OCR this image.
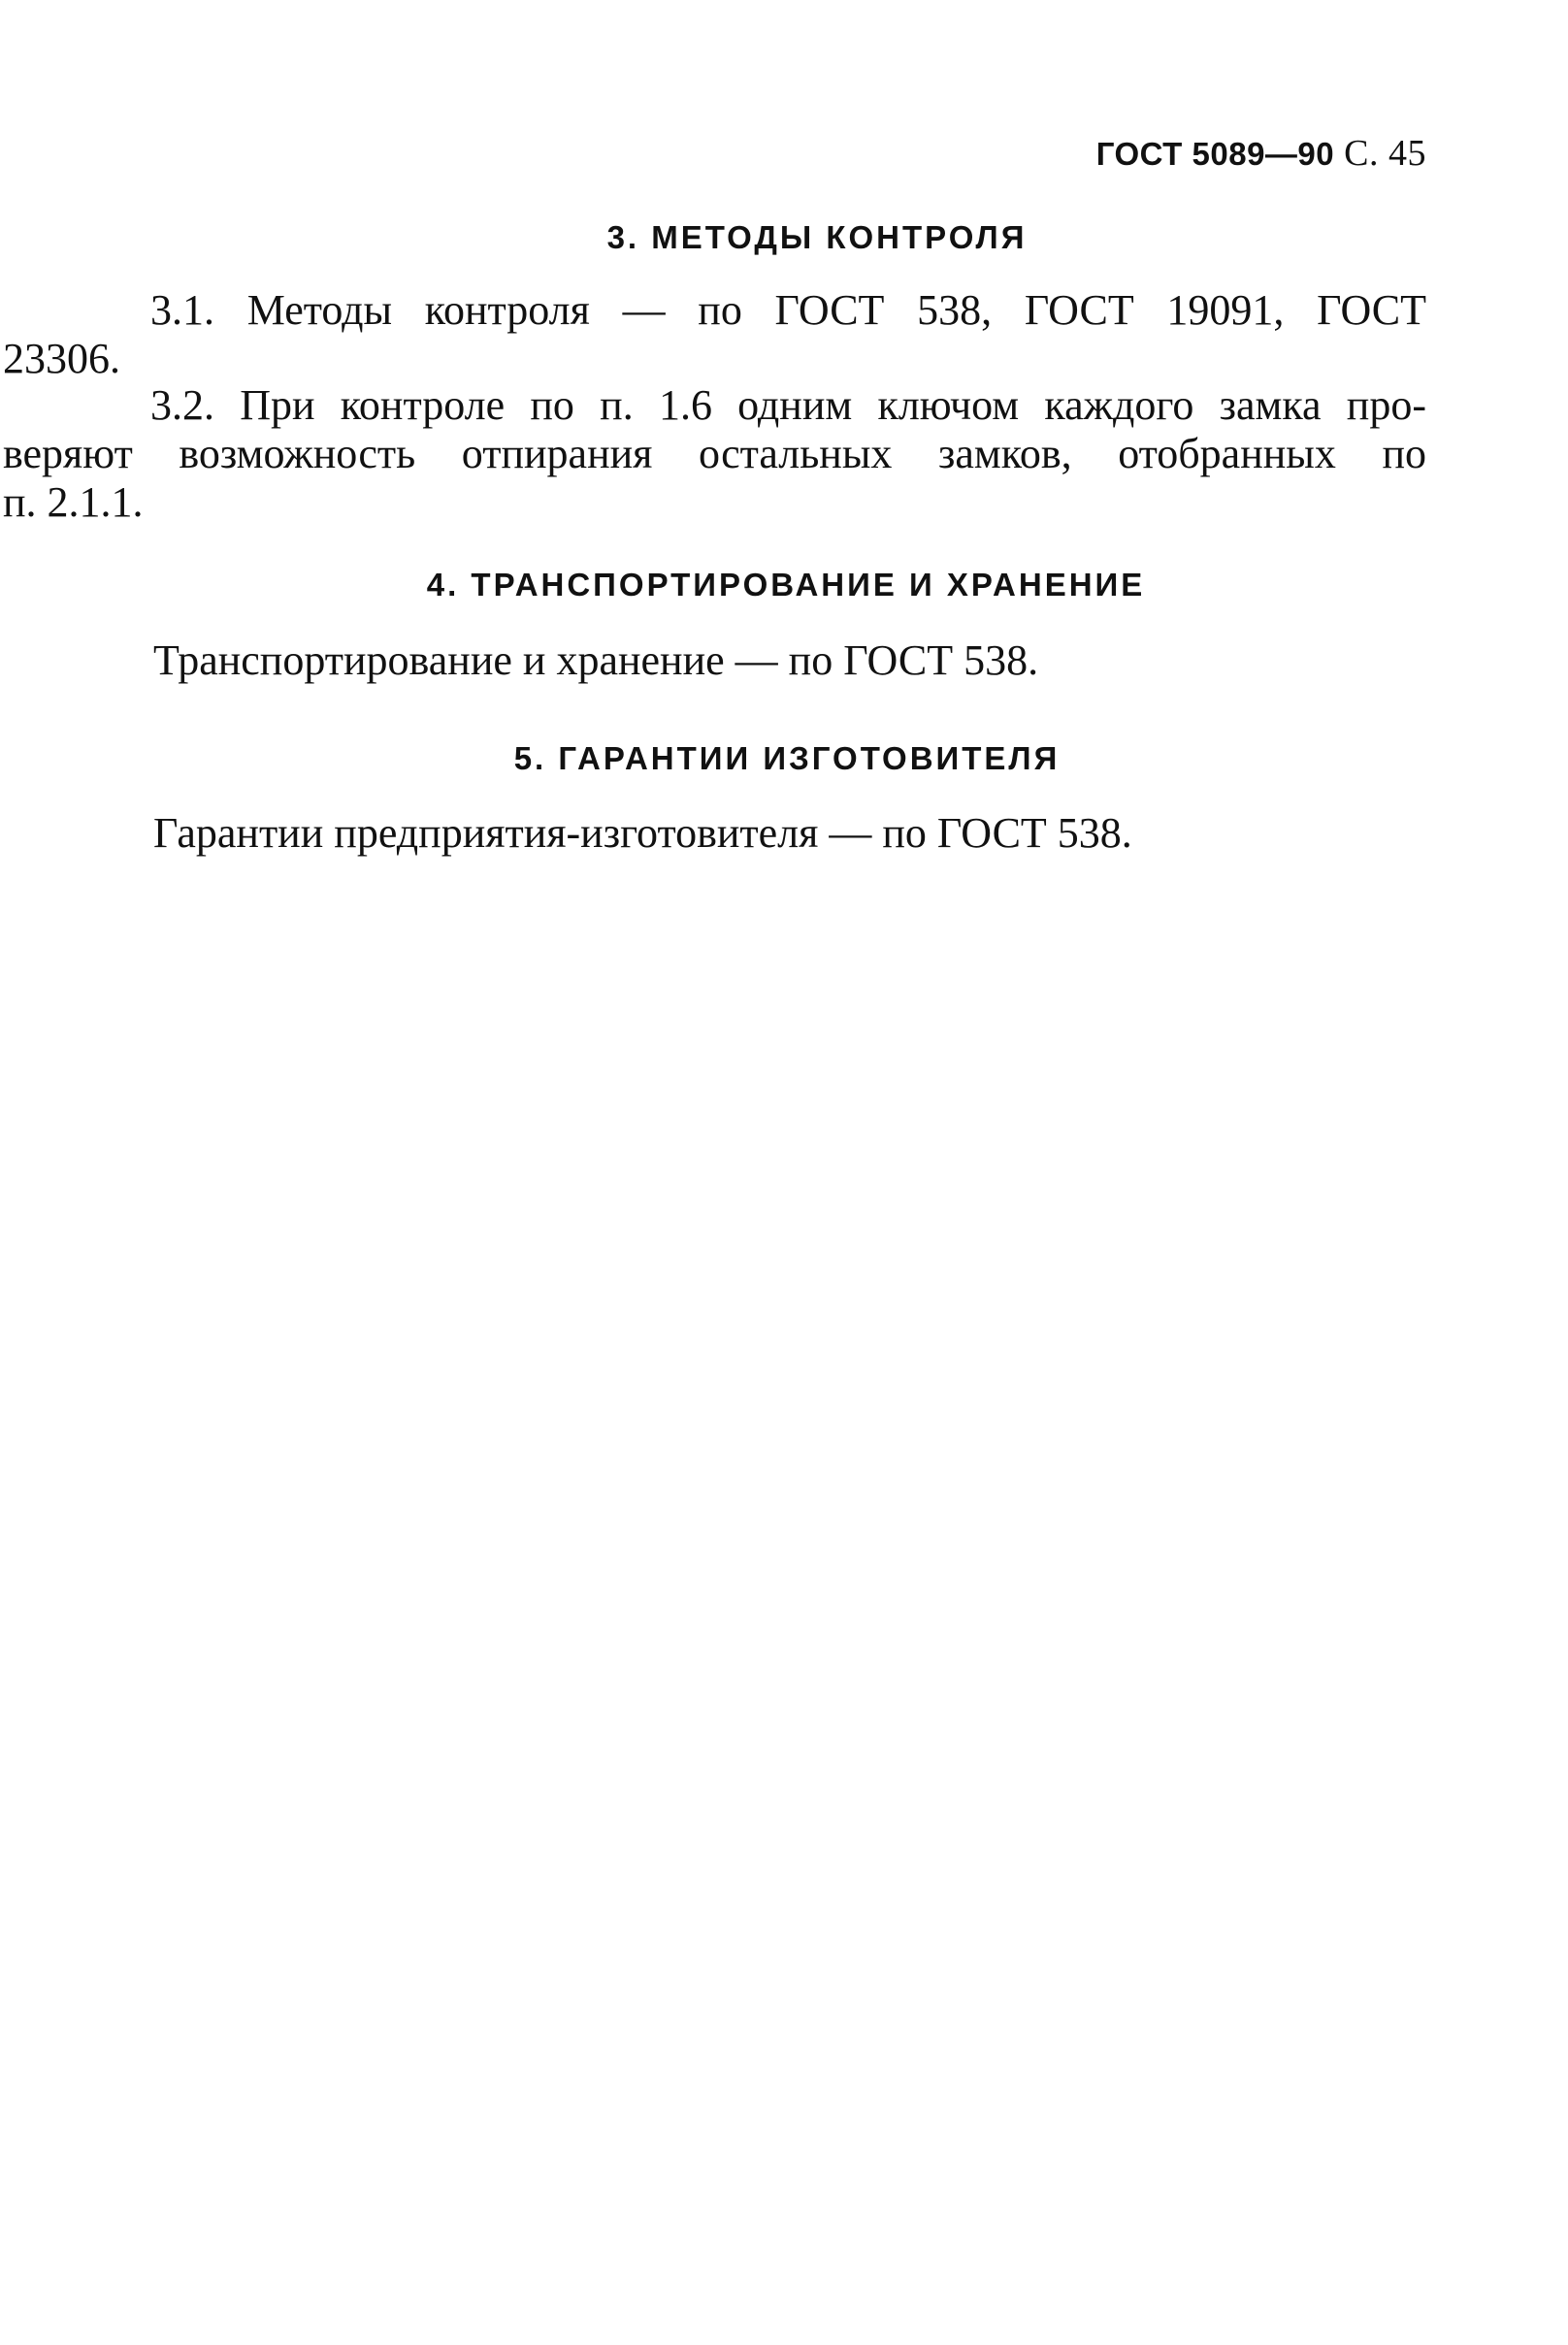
ГОСТ 5089—90 С. 45
3. МЕТОДЫ КОНТРОЛЯ
3.1. Методы контроля — по ГОСТ 538, ГОСТ 19091, ГОСТ
23306.
3.2. При контроле по п. 1.6 одним ключом каждого замка про-
веряют возможность отпирания остальных замков, отобранных по
п. 2.1.1.
4. ТРАНСПОРТИРОВАНИЕ И ХРАНЕНИЕ
Транспортирование и хранение — по ГОСТ 538.
5. ГАРАНТИИ ИЗГОТОВИТЕЛЯ
Гарантии предприятия-изготовителя — по ГОСТ 538.
